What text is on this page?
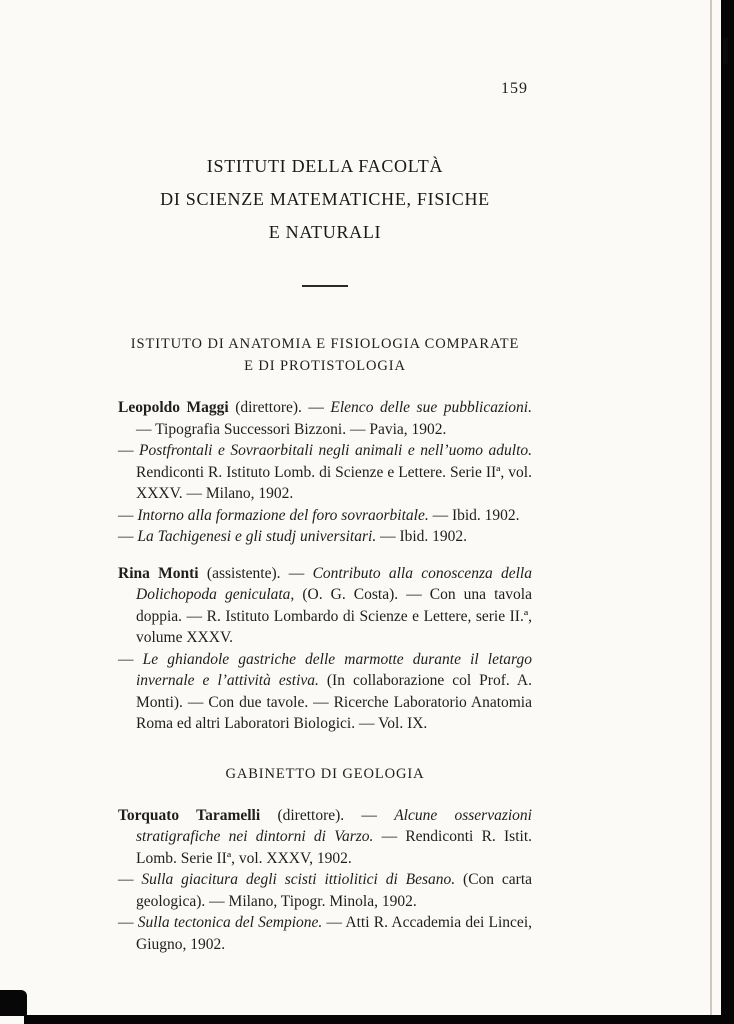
159
ISTITUTI DELLA FACOLTÀ
DI SCIENZE MATEMATICHE, FISICHE
E NATURALI
ISTITUTO DI ANATOMIA E FISIOLOGIA COMPARATE
E DI PROTISTOLOGIA

Leopoldo Maggi (direttore). — Elenco delle sue pubblicazioni. — Tipografia Successori Bizzoni. — Pavia, 1902.

— Postfrontali e Sovraorbitali negli animali e nell’uomo adulto. Rendiconti R. Istituto Lomb. di Scienze e Lettere. Serie IIª, vol. XXXV. — Milano, 1902.

— Intorno alla formazione del foro sovraorbitale. — Ibid. 1902.

— La Tachigenesi e gli studj universitari. — Ibid. 1902.

Rina Monti (assistente). — Contributo alla conoscenza della Dolichopoda geniculata, (O. G. Costa). — Con una tavola doppia. — R. Istituto Lombardo di Scienze e Lettere, serie II.ª, volume XXXV.

— Le ghiandole gastriche delle marmotte durante il letargo invernale e l’attività estiva. (In collaborazione col Prof. A. Monti). — Con due tavole. — Ricerche Laboratorio Anatomia Roma ed altri Laboratori Biologici. — Vol. IX.

GABINETTO DI GEOLOGIA

Torquato Taramelli (direttore). — Alcune osservazioni stratigrafiche nei dintorni di Varzo. — Rendiconti R. Istit. Lomb. Serie IIª, vol. XXXV, 1902.

— Sulla giacitura degli scisti ittiolitici di Besano. (Con carta geologica). — Milano, Tipogr. Minola, 1902.

— Sulla tectonica del Sempione. — Atti R. Accademia dei Lincei, Giugno, 1902.
